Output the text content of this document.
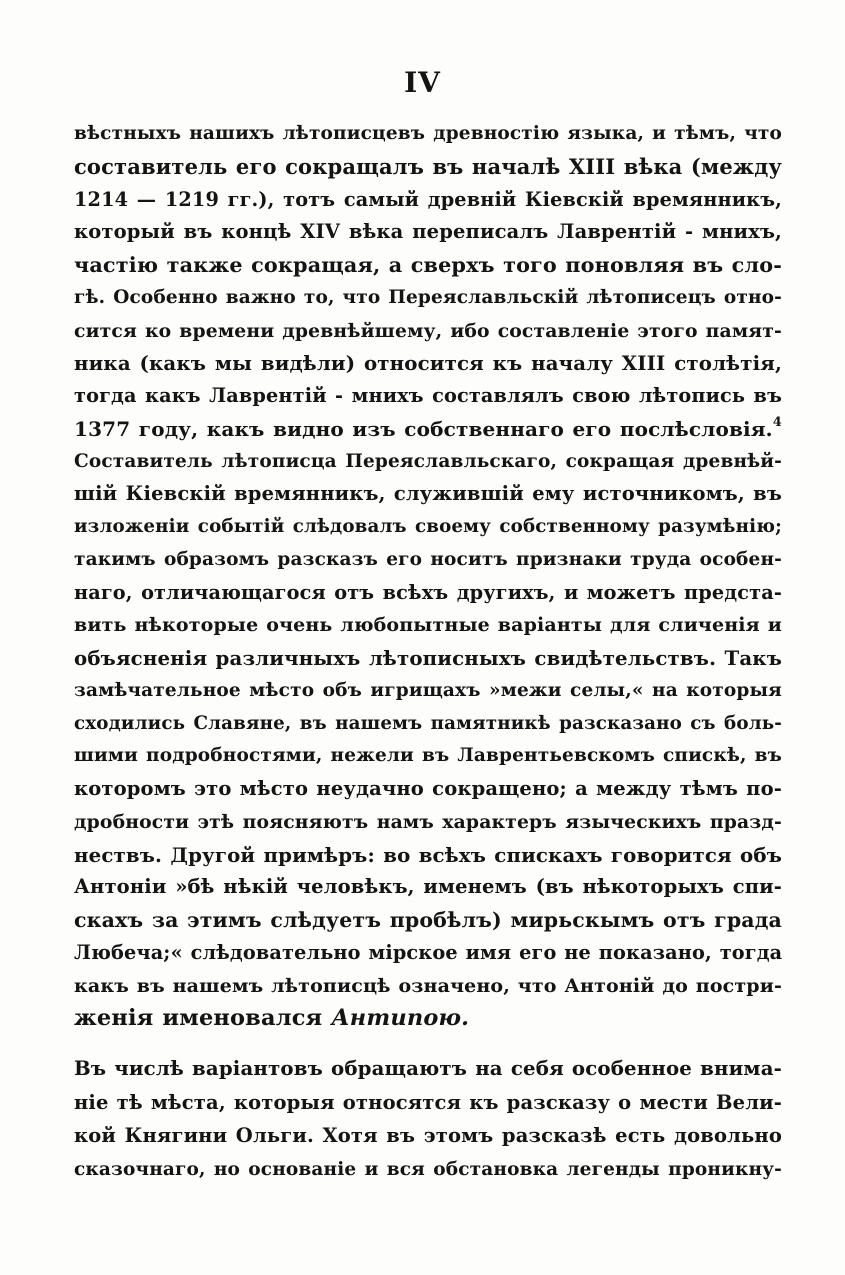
IV
вѣстныхъ нашихъ лѣтописцевъ древностію языка, и тѣмъ, что
составитель его сокращалъ въ началѣ XIII вѣка (между
1214 — 1219 гг.), тотъ самый древній Кіевскій времянникъ,
который въ концѣ XIV вѣка переписалъ Лаврентій - мнихъ,
частію также сокращая, а сверхъ того поновляя въ сло-
гѣ. Особенно важно то, что Переяславльскій лѣтописецъ отно-
сится ко времени древнѣйшему, ибо составленіе этого памят-
ника (какъ мы видѣли) относится къ началу XIII столѣтія,
тогда какъ Лаврентій - мнихъ составлялъ свою лѣтопись въ
1377 году, какъ видно изъ собственнаго его послѣсловія.$^4$
Составитель лѣтописца Переяславльскаго, сокращая древнѣй-
шій Кіевскій времянникъ, служившій ему источникомъ, въ
изложеніи событій слѣдовалъ своему собственному разумѣнію;
такимъ образомъ разсказъ его носитъ признаки труда особен-
наго, отличающагося отъ всѣхъ другихъ, и можетъ предста-
вить нѣкоторые очень любопытные варіанты для сличенія и
объясненія различныхъ лѣтописныхъ свидѣтельствъ. Такъ
замѣчательное мѣсто объ игрищахъ »межи селы,« на которыя
сходились Славяне, въ нашемъ памятникѣ разсказано съ боль-
шими подробностями, нежели въ Лаврентьевскомъ спискѣ, въ
которомъ это мѣсто неудачно сокращено; а между тѣмъ по-
дробности этѣ поясняютъ намъ характеръ языческихъ празд-
нествъ. Другой примѣръ: во всѣхъ спискахъ говорится объ
Антоніи »бѣ нѣкій человѣкъ, именемъ (въ нѣкоторыхъ спи-
скахъ за этимъ слѣдуетъ пробѣлъ) мирьскымъ отъ града
Любеча;« слѣдовательно мірское имя его не показано, тогда
какъ въ нашемъ лѣтописцѣ означено, что Антоній до постри-
женія именовался Антипою.
Въ числѣ варіантовъ обращаютъ на себя особенное внима-
ніе тѣ мѣста, которыя относятся къ разсказу о мести Вели-
кой Княгини Ольги. Хотя въ этомъ разсказѣ есть довольно
сказочнаго, но основаніе и вся обстановка легенды проникну-
